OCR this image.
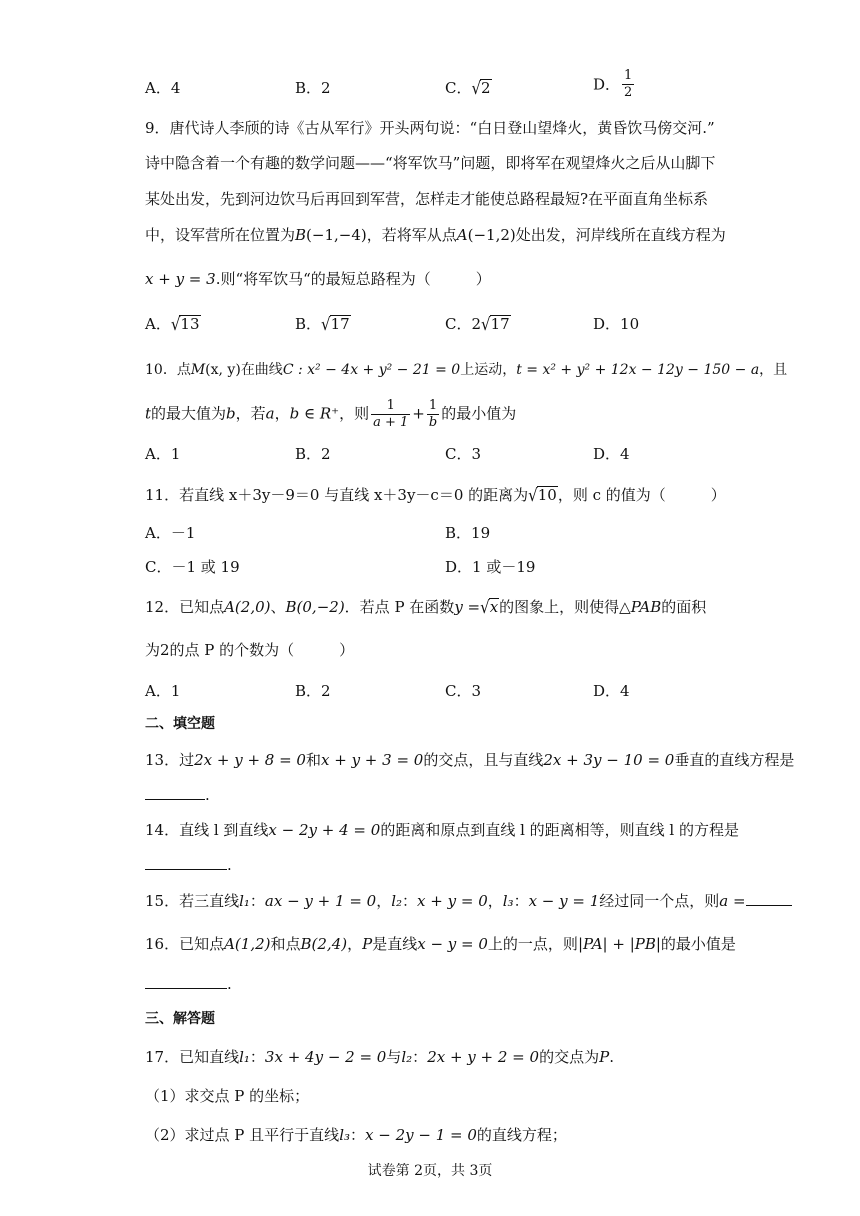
A．4	B．2	C．√2	D． $\frac{1}{2}$
9．唐代诗人李颀的诗《古从军行》开头两句说：“白日登山望烽火，黄昏饮马傍交河.”
诗中隐含着一个有趣的数学问题——“将军饮马”问题，即将军在观望烽火之后从山脚下
某处出发，先到河边饮马后再回到军营，怎样走才能使总路程最短?在平面直角坐标系
中，设军营所在位置为B(−1,−4)，若将军从点A(−1,2)处出发，河岸线所在直线方程为
x + y = 3.则“将军饮马“的最短总路程为（　　　）
A．√13	B．√17	C．2√17	D．10
10．点M(x, y)在曲线C : x² − 4x + y² − 21 = 0上运动，t = x² + y² + 12x − 12y − 150 − a，且
t的最大值为b，若a，b ∈ R⁺，则 $\frac{1}{a + 1} + \frac{1}{b}$ 的最小值为
A．1	B．2	C．3	D．4
11．若直线 x＋3y－9＝0 与直线 x＋3y－c＝0 的距离为√10，则 c 的值为（　　　）
A．－1	B．19
C．－1 或 19	D．1 或－19
12．已知点A(2,0)、B(0,−2)．若点 P 在函数y =√x的图象上，则使得△PAB的面积
为2的点 P 的个数为（　　　）
A．1	B．2	C．3	D．4
二、填空题
13．过2x + y + 8 = 0和x + y + 3 = 0的交点，且与直线2x + 3y − 10 = 0垂直的直线方程是
.
14．直线 l 到直线x − 2y + 4 = 0的距离和原点到直线 l 的距离相等，则直线 l 的方程是
.
15．若三直线l₁：ax − y + 1 = 0，l₂：x + y = 0，l₃：x − y = 1经过同一个点，则a =
16．已知点A(1,2)和点B(2,4)，P是直线x − y = 0上的一点，则|PA| + |PB|的最小值是
.
三、解答题
17．已知直线l₁：3x + 4y − 2 = 0与l₂：2x + y + 2 = 0的交点为P.
（1）求交点 P 的坐标；
（2）求过点 P 且平行于直线l₃：x − 2y − 1 = 0的直线方程；
试卷第 2页，共 3页
